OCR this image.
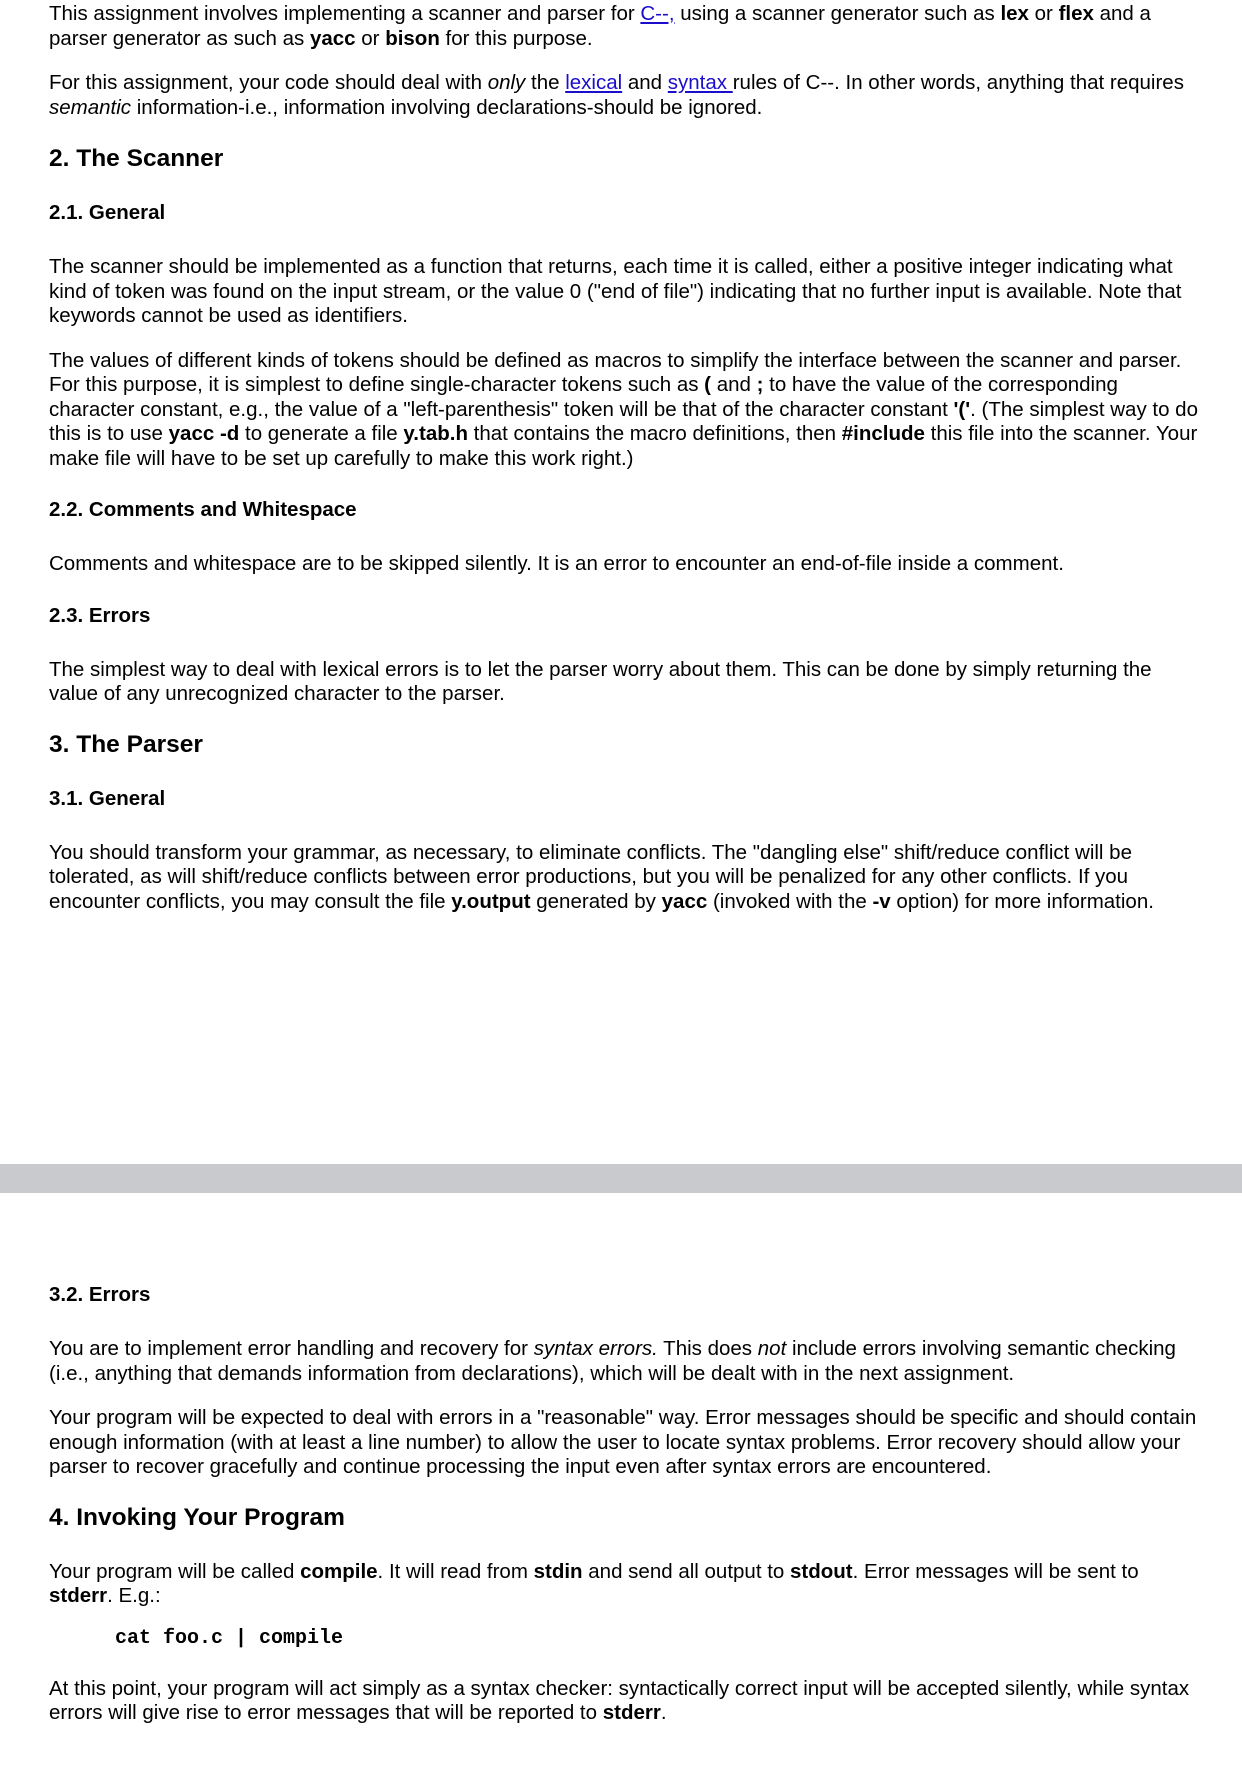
This assignment involves implementing a scanner and parser for C--, using a scanner generator such as lex or flex and a parser generator as such as yacc or bison for this purpose.

For this assignment, your code should deal with only the lexical and syntax rules of C--. In other words, anything that requires semantic information-i.e., information involving declarations-should be ignored.

2. The Scanner
2.1. General

The scanner should be implemented as a function that returns, each time it is called, either a positive integer indicating what kind of token was found on the input stream, or the value 0 ("end of file") indicating that no further input is available. Note that keywords cannot be used as identifiers.

The values of different kinds of tokens should be defined as macros to simplify the interface between the scanner and parser. For this purpose, it is simplest to define single-character tokens such as ( and ; to have the value of the corresponding character constant, e.g., the value of a "left-parenthesis" token will be that of the character constant '('. (The simplest way to do this is to use yacc -d to generate a file y.tab.h that contains the macro definitions, then #include this file into the scanner. Your make file will have to be set up carefully to make this work right.)

2.2. Comments and Whitespace

Comments and whitespace are to be skipped silently. It is an error to encounter an end-of-file inside a comment.

2.3. Errors

The simplest way to deal with lexical errors is to let the parser worry about them. This can be done by simply returning the value of any unrecognized character to the parser.

3. The Parser
3.1. General

You should transform your grammar, as necessary, to eliminate conflicts. The "dangling else" shift/reduce conflict will be tolerated, as will shift/reduce conflicts between error productions, but you will be penalized for any other conflicts. If you encounter conflicts, you may consult the file y.output generated by yacc (invoked with the -v option) for more information.

3.2. Errors

You are to implement error handling and recovery for syntax errors. This does not include errors involving semantic checking (i.e., anything that demands information from declarations), which will be dealt with in the next assignment.

Your program will be expected to deal with errors in a "reasonable" way. Error messages should be specific and should contain enough information (with at least a line number) to allow the user to locate syntax problems. Error recovery should allow your parser to recover gracefully and continue processing the input even after syntax errors are encountered.

4. Invoking Your Program

Your program will be called compile. It will read from stdin and send all output to stdout. Error messages will be sent to stderr. E.g.:

cat foo.c | compile

At this point, your program will act simply as a syntax checker: syntactically correct input will be accepted silently, while syntax errors will give rise to error messages that will be reported to stderr.
